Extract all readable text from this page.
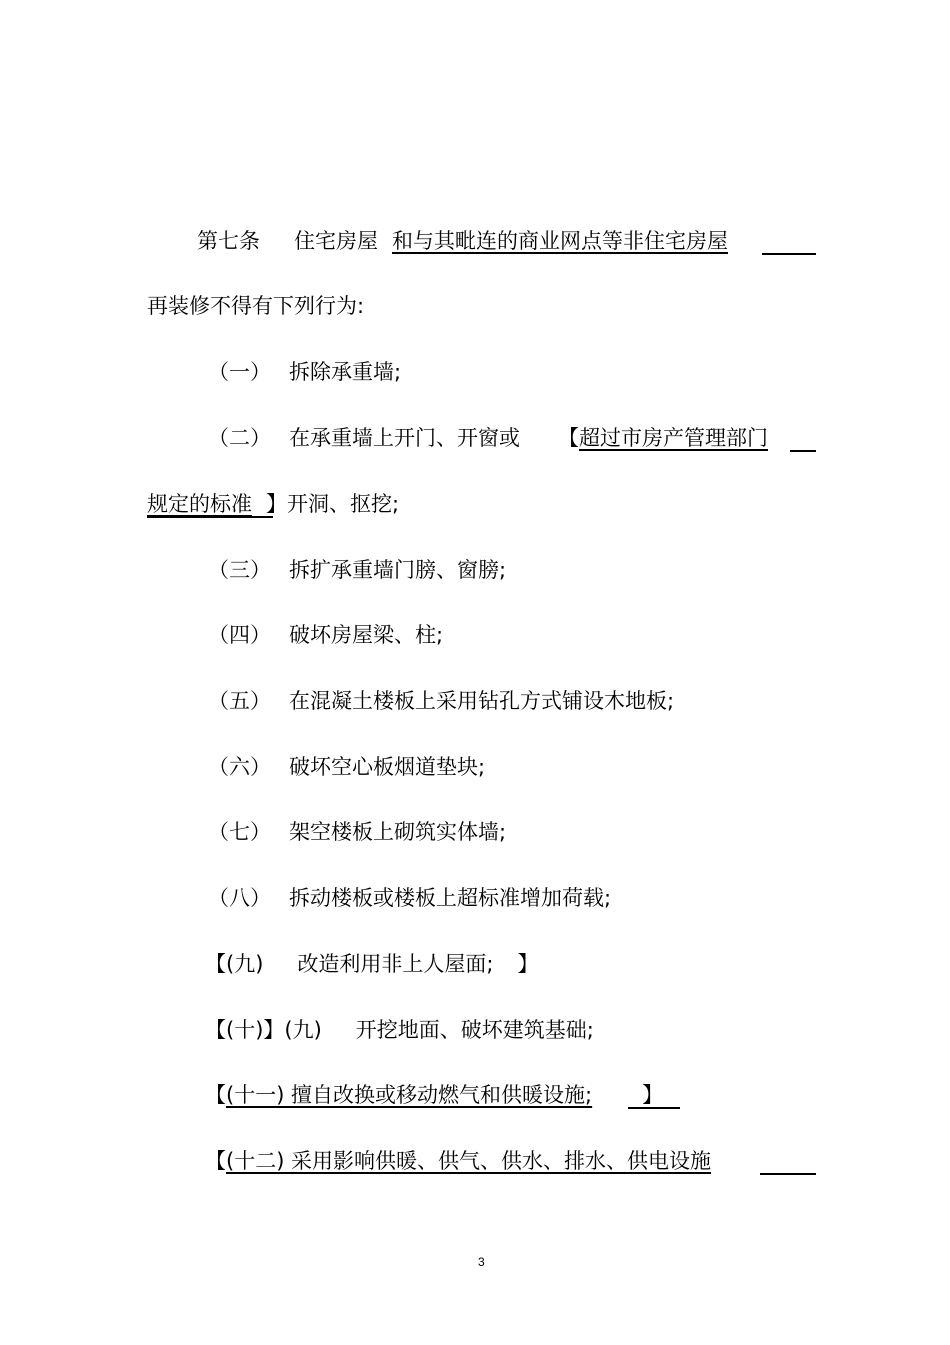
第七条 住宅房屋 和与其毗连的商业网点等非住宅房屋
再装修不得有下列行为:
（一） 拆除承重墙;
（二） 在承重墙上开门、开窗或 【超过市房产管理部门
规定的标准 】开洞、抠挖;
（三） 拆扩承重墙门膀、窗膀;
（四） 破坏房屋梁、柱;
（五） 在混凝土楼板上采用钻孔方式铺设木地板;
（六） 破坏空心板烟道垫块;
（七） 架空楼板上砌筑实体墙;
（八） 拆动楼板或楼板上超标准增加荷载;
【(九) 改造利用非上人屋面; 】
【(十)】(九) 开挖地面、破坏建筑基础;
【(十一) 擅自改换或移动燃气和供暖设施; 】
【(十二) 采用影响供暖、供气、供水、排水、供电设施
3
